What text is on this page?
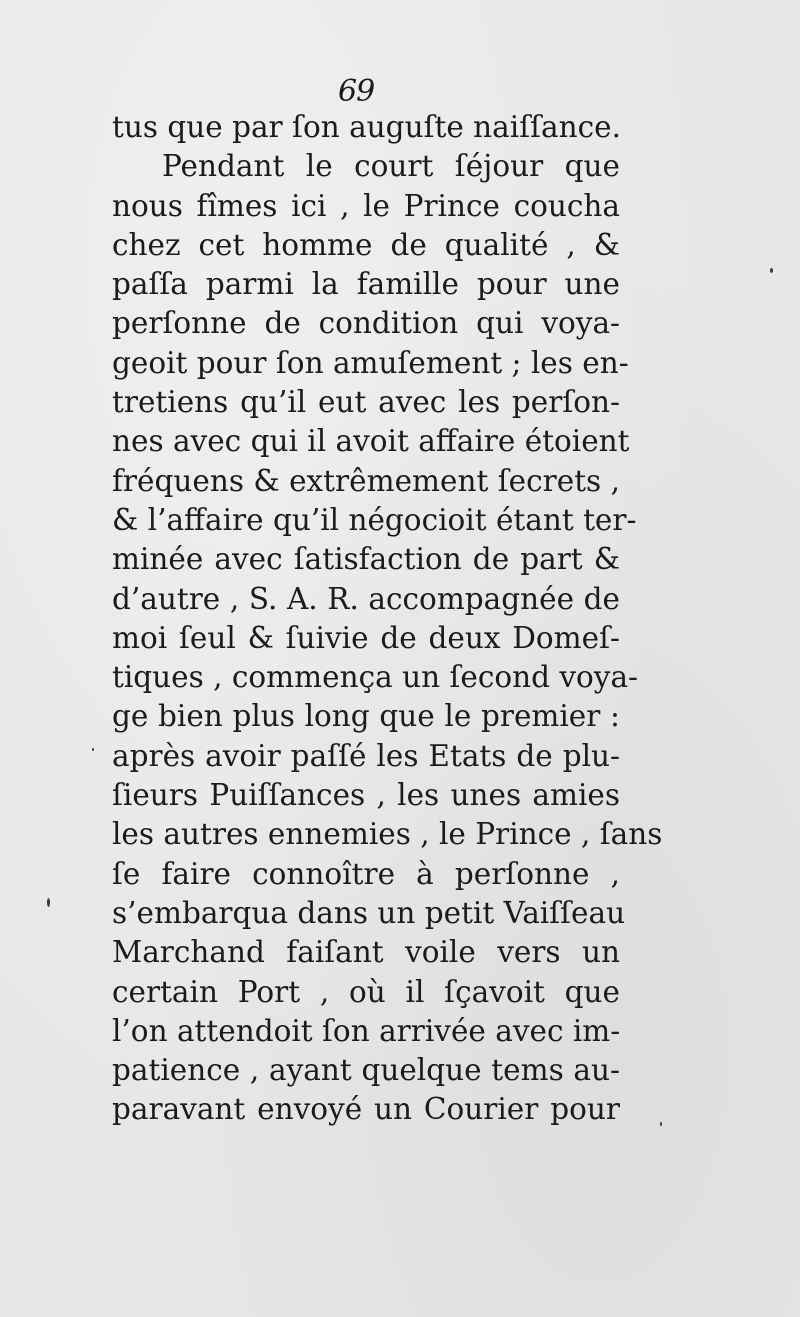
69
tus que par ſon auguſte naiſſance.
Pendant le court ſéjour que
nous fîmes ici , le Prince coucha
chez cet homme de qualité , &
paſſa parmi la famille pour une
perſonne de condition qui voya-
geoit pour ſon amuſement ; les en-
tretiens qu’il eut avec les perſon-
nes avec qui il avoit affaire étoient
fréquens & extrêmement ſecrets ,
& l’affaire qu’il négocioit étant ter-
minée avec ſatisfaction de part &
d’autre , S. A. R. accompagnée de
moi ſeul & ſuivie de deux Domeſ-
tiques , commença un ſecond voya-
ge bien plus long que le premier :
après avoir paſſé les Etats de plu-
ſieurs Puiſſances , les unes amies
les autres ennemies , le Prince , ſans
ſe faire connoître à perſonne ,
s’embarqua dans un petit Vaiſſeau
Marchand faiſant voile vers un
certain Port , où il ſçavoit que
l’on attendoit ſon arrivée avec im-
patience , ayant quelque tems au-
paravant envoyé un Courier pour
